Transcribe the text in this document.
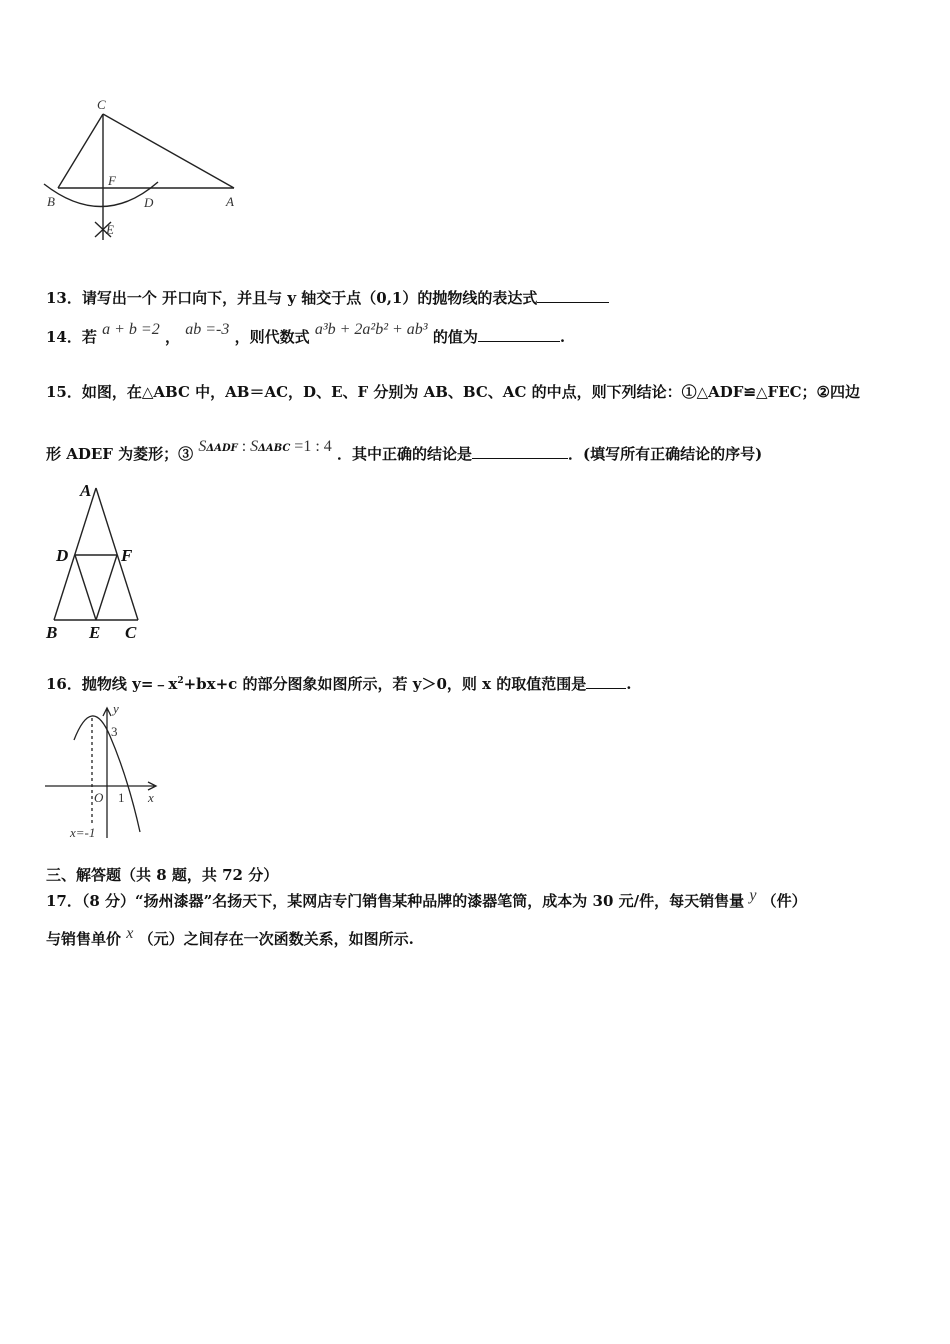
C
F
B	D	A
E
13．请写出一个 开口向下，并且与 y 轴交于点（0,1）的抛物线的表达式
14．若 a + b =2 ， ab =-3 ，则代数式 a³b + 2a²b² + ab³ 的值为	.
15．如图，在△ABC 中，AB＝AC，D、E、F 分别为 AB、BC、AC 的中点，则下列结论：①△ADF≌△FEC；②四边
形 ADEF 为菱形；③ SΔADF : SΔABC =1 : 4 ．其中正确的结论是	．(填写所有正确结论的序号)
A
D	F
B E C
16．抛物线 $y=﹣x^2+bx+c$ 的部分图象如图所示，若 y＞0，则 x 的取值范围是	.
y
3
O 1 x
x=-1
三、解答题（共 8 题，共 72 分）
17．（8 分）“扬州漆器”名扬天下，某网店专门销售某种品牌的漆器笔筒，成本为 30 元/件，每天销售量 y （件）
与销售单价 x （元）之间存在一次函数关系，如图所示.
